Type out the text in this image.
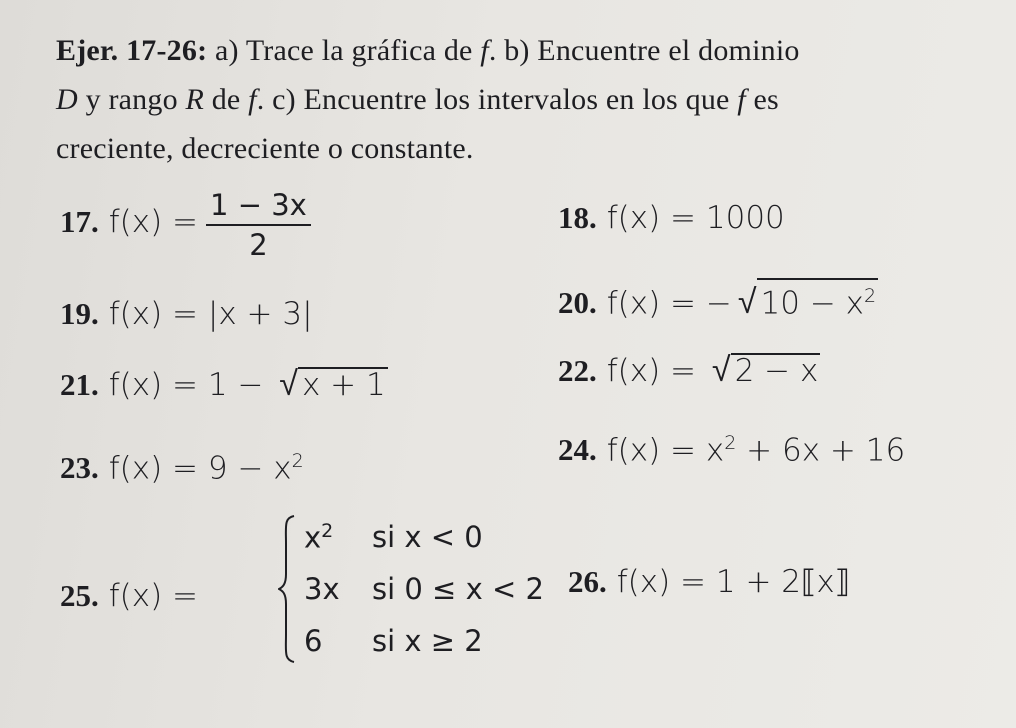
Ejer. 17-26: a) Trace la gráfica de f. b) Encuentre el dominio
D y rango R de f. c) Encuentre los intervalos en los que f es
creciente, decreciente o constante.
17. $f(x) = \frac{1 - 3x}{2}$	18. f(x) = 1000
19. f(x) = |x + 3|	20. f(x) = − √ $10 - x^2$
21. f(x) = 1 − √ x + 1	22. f(x) = √ 2 − x
23. $f(x) = 9 - x^2$	24. $f(x) = x^2 + 6x + 16$
25. f(x) =
$x^2$ si x < 0
3x si 0 ≤ x < 2
6 si x ≥ 2
26. f(x) = 1 + 2⟦x⟧
